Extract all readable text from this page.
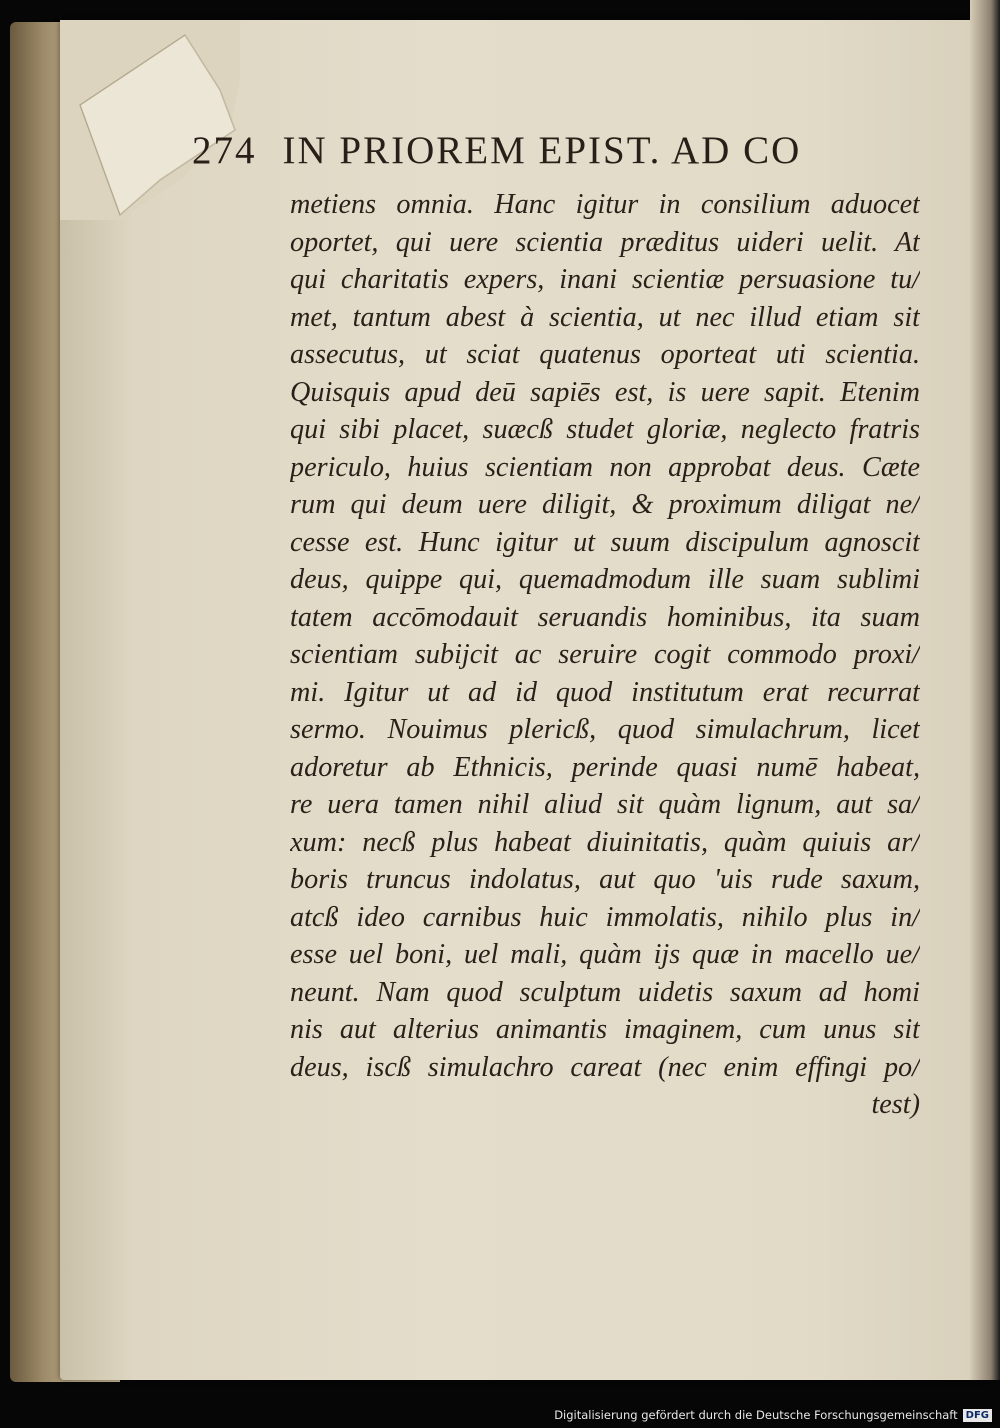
274 IN PRIOREM EPIST. AD CO
metiens omnia. Hanc igitur in consilium aduocet
oportet, qui uere scientia præditus uideri uelit. At
qui charitatis expers, inani scientiæ persuasione tu/
met, tantum abest à scientia, ut nec illud etiam sit
assecutus, ut sciat quatenus oporteat uti scientia.
Quisquis apud deū sapiēs est, is uere sapit. Etenim
qui sibi placet, suæcß studet gloriæ, neglecto fratris
periculo, huius scientiam non approbat deus. Cæte
rum qui deum uere diligit, & proximum diligat ne/
cesse est. Hunc igitur ut suum discipulum agnoscit
deus, quippe qui, quemadmodum ille suam sublimi
tatem accōmodauit seruandis hominibus, ita suam
scientiam subijcit ac seruire cogit commodo proxi/
mi. Igitur ut ad id quod institutum erat recurrat
sermo. Nouimus plericß, quod simulachrum, licet
adoretur ab Ethnicis, perinde quasi numē habeat,
re uera tamen nihil aliud sit quàm lignum, aut sa/
xum: necß plus habeat diuinitatis, quàm quiuis ar/
boris truncus indolatus, aut quo 'uis rude saxum,
atcß ideo carnibus huic immolatis, nihilo plus in/
esse uel boni, uel mali, quàm ijs quæ in macello ue/
neunt. Nam quod sculptum uidetis saxum ad homi
nis aut alterius animantis imaginem, cum unus sit
deus, iscß simulachro careat (nec enim effingi po/
test)
Digitalisierung gefördert durch die Deutsche Forschungsgemeinschaft DFG
